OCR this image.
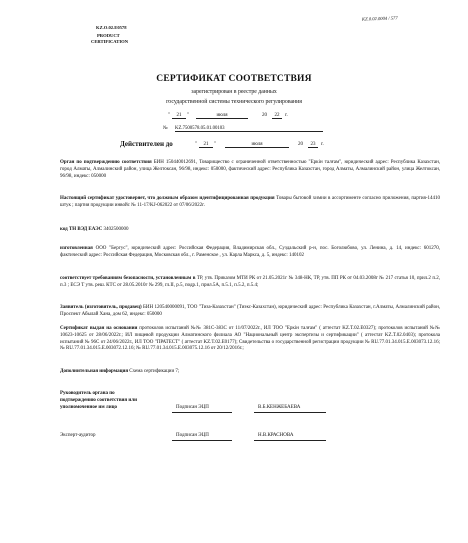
KZ.O.02.E0578
PRODUCT
CERTIFICATION
KZ.0.02.0004 / 577
СЕРТИФИКАТ СООТВЕТСТВИЯ
зарегистрирован в реестре данных
государственной системы технического регулирования
"	21	"	июля	20	22	г.
№ KZ.7500578.05.01.00103
Действителен до	"	21	"	июля	20	23	г.
Орган по подтверждению соответствия БИН 150440012691, Товарищество с ограниченной ответственностью "Еркін талғам", юридический адрес: Республика Казахстан, город Алматы, Алмалинский район, улица Желтоксан, 96/98, индекс: 050000, фактический адрес: Республика Казахстан, город Алматы, Алмалинский район, улица Желтоксан, 96/98, индекс: 050000
Настоящий сертификат удостоверяет, что должным образом идентифицированная продукция Товары бытовой химии в ассортименте согласно приложения, партия-14410 штук ; партия продукции инвойс № 11-17/KJ-062022 от 07/06/2022г.
код ТН ВЭД ЕАЭС 3402500000
изготовленная ООО "Бергус", юридический адрес: Российская Федерация, Владимирская обл., Суздальский р-н, пос. Боголюбово, ул. Ленина, д. 14, индекс: 601270, фактический адрес: Российская Федерация, Московская обл., г. Раменское , ул. Карла Маркса, д. 5, индекс: 140102
соответствует требованиям безопасности, установленным в ТР, утв. Приказом МТИ РК от 21.05.2021г № 348-НК, ТР, утв. ПП РК от 04.03.2008г № 217 статья 10, прил.2 п.2, п.3 ; ЕСЭ Т утв. реш. КТС от 28.05.2010г № 299, гл.II, р.5, подр.1, прил.5А, п.5.1, п.5.2, п.5.4;
Заявитель (изготовитель, продавец) БИН 120540000091, ТОО "Тиза-Казахстан" (Тиэкс-Казахстан), юридический адрес: Республика Казахстан, г.Алматы, Алмалинский район, Проспект Абылай Хана, дом 62, индекс: 050000
Сертификат выдан на основании протоколов испытаний №№ 381С-383С от 11/07/2022г., ИЛ ТОО "Еркін талғам" ( аттестат KZ.T.02.E0327); протоколов испытаний №№ 10623-10625 от 28/06/2022г.; ИЛ пищевой продукции Алматинского филиала АО "Национальный центр экспертизы и сертификации" ( аттестат KZ.T.02.0403); протокола испытаний № 96С от 24/06/2022г., ИЛ ТОО "ПРАТЕСТ" ( аттестат KZ.T.02.E0177); Свидетельства о государственной регистрации продукции № RU.77.01.34.015.E.003073.12.16; № RU.77.01.34.015.E.003072.12.16; № RU.77.01.34.015.E.003075.12.16 от 20/12/2016г.;
Дополнительная информация Схема сертификации 7;
Руководитель органа по
подтверждению соответствия или
уполномоченное им лицо	Подписан ЭЦП	В.Б.КЕНЖЕБАЕВА
Эксперт-аудитор	Подписан ЭЦП	Н.В.КРАСНОВА
